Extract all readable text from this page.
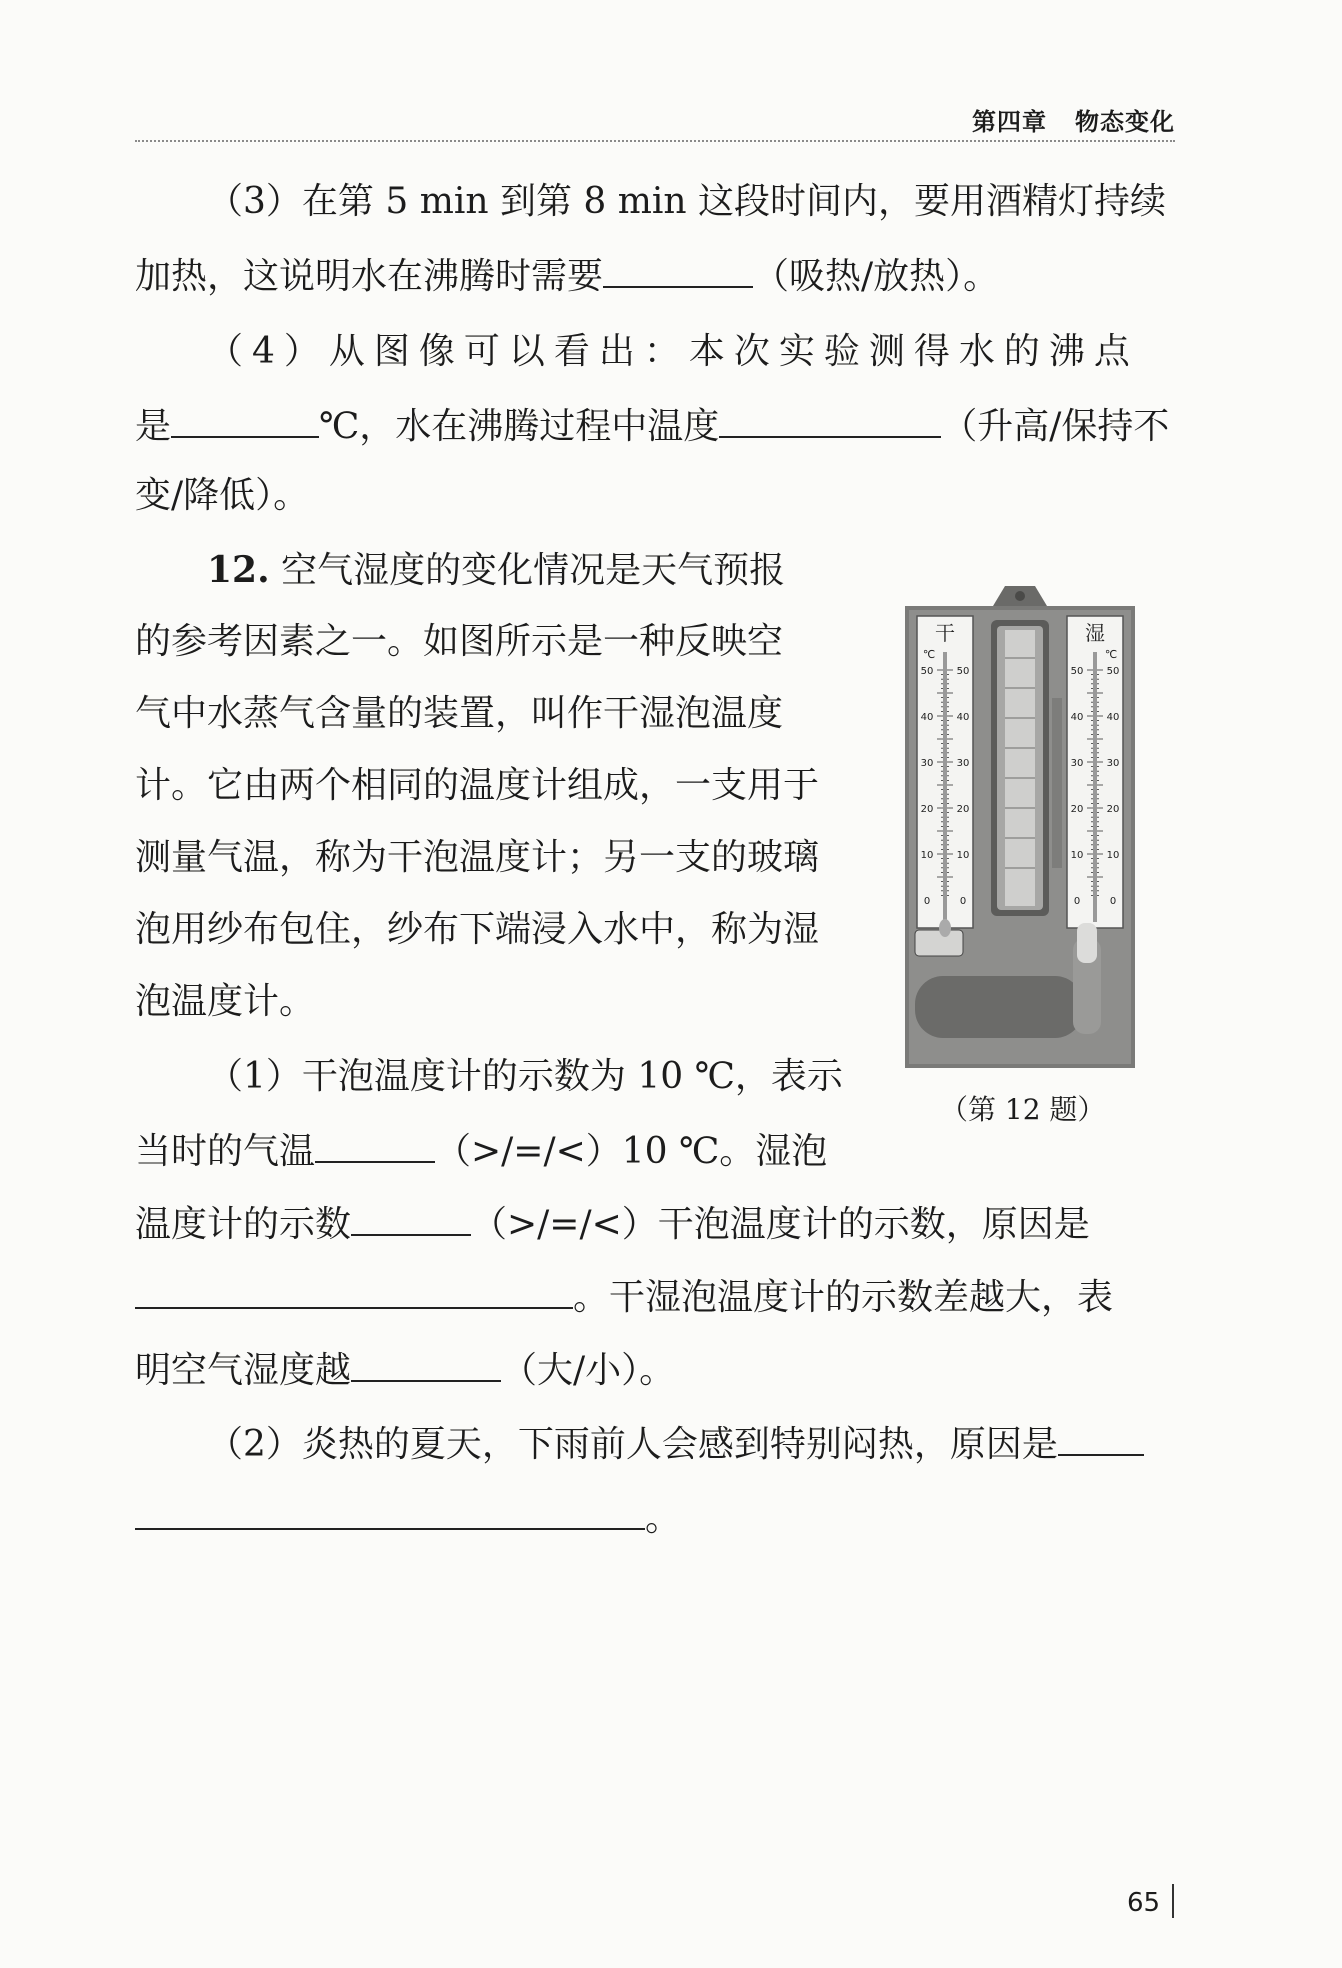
第四章 物态变化
（3）在第 5 min 到第 8 min 这段时间内，要用酒精灯持续
加热，这说明水在沸腾时需要	（吸热/放热）。
（4）从图像可以看出：本次实验测得水的沸点
是	℃，水在沸腾过程中温度	（升高/保持不
变/降低）。
12. 空气湿度的变化情况是天气预报
的参考因素之一。如图所示是一种反映空
气中水蒸气含量的装置，叫作干湿泡温度
计。它由两个相同的温度计组成，一支用于
测量气温，称为干泡温度计；另一支的玻璃
泡用纱布包住，纱布下端浸入水中，称为湿
泡温度计。
（1）干泡温度计的示数为 10 ℃，表示
当时的气温	（>/=/<）10 ℃。湿泡
温度计的示数	（>/=/<）干泡温度计的示数，原因是
。干湿泡温度计的示数差越大，表
明空气湿度越	（大/小）。
（2）炎热的夏天，下雨前人会感到特别闷热，原因是
。
干
℃
50 50
40 40
30 30
20 20
10 10
0	0
湿
℃
50 50
40 40
30 30
20 20
10 10
0	0
（第 12 题）
65
